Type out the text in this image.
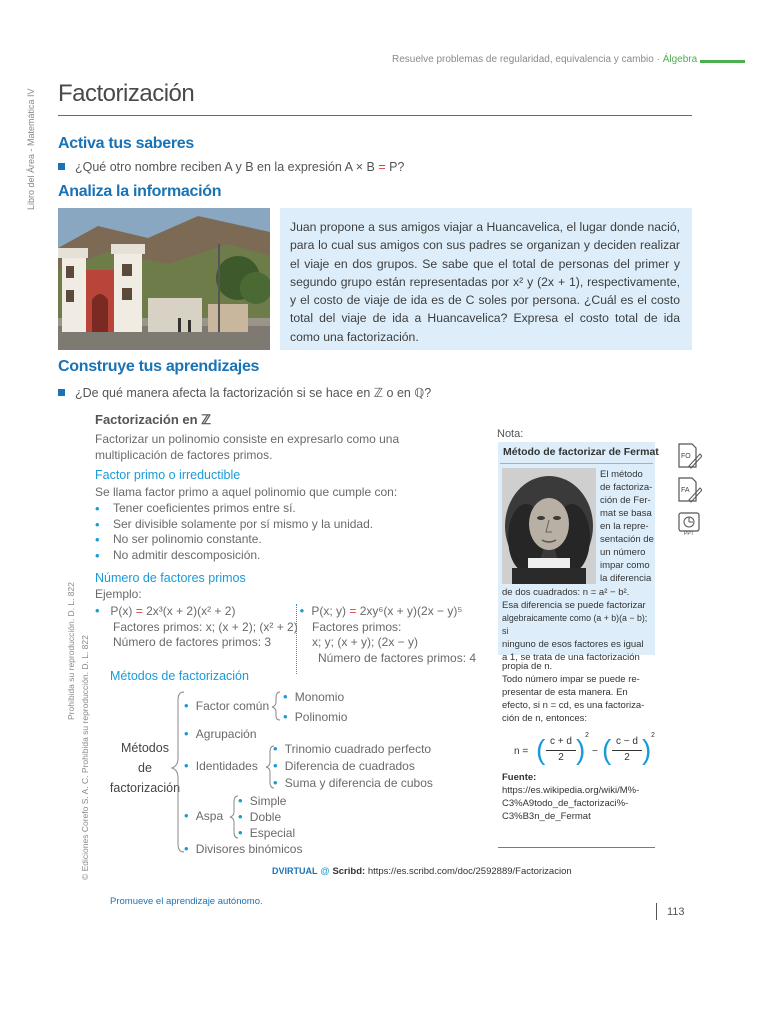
Resuelve problemas de regularidad, equivalencia y cambio · Álgebra
Libro del Área - Matemática IV Factorización
Activa tus saberes
¿Qué otro nombre reciben A y B en la expresión A × B = P?
Analiza la información

Juan propone a sus amigos viajar a Huancavelica, el lugar donde nació, para lo cual sus amigos con sus padres se organizan y deciden realizar el viaje en dos grupos. Se sabe que el total de personas del primer y segundo grupo están representadas por x² y (2x + 1), respectivamente, y el costo de viaje de ida es de C soles por persona. ¿Cuál es el costo total del viaje de ida a Huancavelica? Expresa el costo total de ida como una factorización.

Construye tus aprendizajes
¿De qué manera afecta la factorización si se hace en ℤ o en ℚ?
Factorización en ℤ
Factorizar un polinomio consiste en expresarlo como una multiplicación de factores primos.
Factor primo o irreductible
Se llama factor primo a aquel polinomio que cumple con:
• Tener coeficientes primos entre sí.
• Ser divisible solamente por sí mismo y la unidad.
• No ser polinomio constante.
• No admitir descomposición.
Número de factores primos
Ejemplo:
•   P(x) = 2x³(x + 2)(x² + 2)
Factores primos: x; (x + 2); (x² + 2)
Número de factores primos: 3
•  P(x; y) = 2xy⁶(x + y)(2x − y)⁵
Factores primos:
x; y; (x + y); (2x − y)
Número de factores primos: 4
Métodos de factorización
Métodos
de
factorización
•  Factor común
•  Monomio
•  Polinomio
•  Agrupación
•  Identidades
•  Trinomio cuadrado perfecto
•  Diferencia de cuadrados
•  Suma y diferencia de cubos
•  Aspa
•  Simple
•  Doble
•  Especial
•  Divisores binómicos
Nota:
Método de factorizar de Fermat
El método
de factoriza-
ción de Fer-
mat se basa
en la repre-
sentación de
un número
impar como
la diferencia
de dos cuadrados: n = a² − b².
Esa diferencia se puede factorizar
algebraicamente como (a + b)(a − b); si
ninguno de esos factores es igual
a 1, se trata de una factorización
propia de n.
Todo número impar se puede re-
presentar de esta manera. En
efecto, si n = cd, es una factoriza-
ción de n, entonces:
n = ( c + d
2 ) 2
− ( c − d
2 ) 2
Fuente:
https://es.wikipedia.org/wiki/M%-
C3%A9todo_de_factorizaci%-
C3%B3n_de_Fermat
FO
FA
PPT
© Ediciones Corefo S. A. C. Prohibida su reproducción. D. L. 822
Prohibida su reproducción. D. L. 822
DVIRTUAL @ Scribd: https://es.scribd.com/doc/2592889/Factorizacion
Promueve el aprendizaje autónomo.
113
